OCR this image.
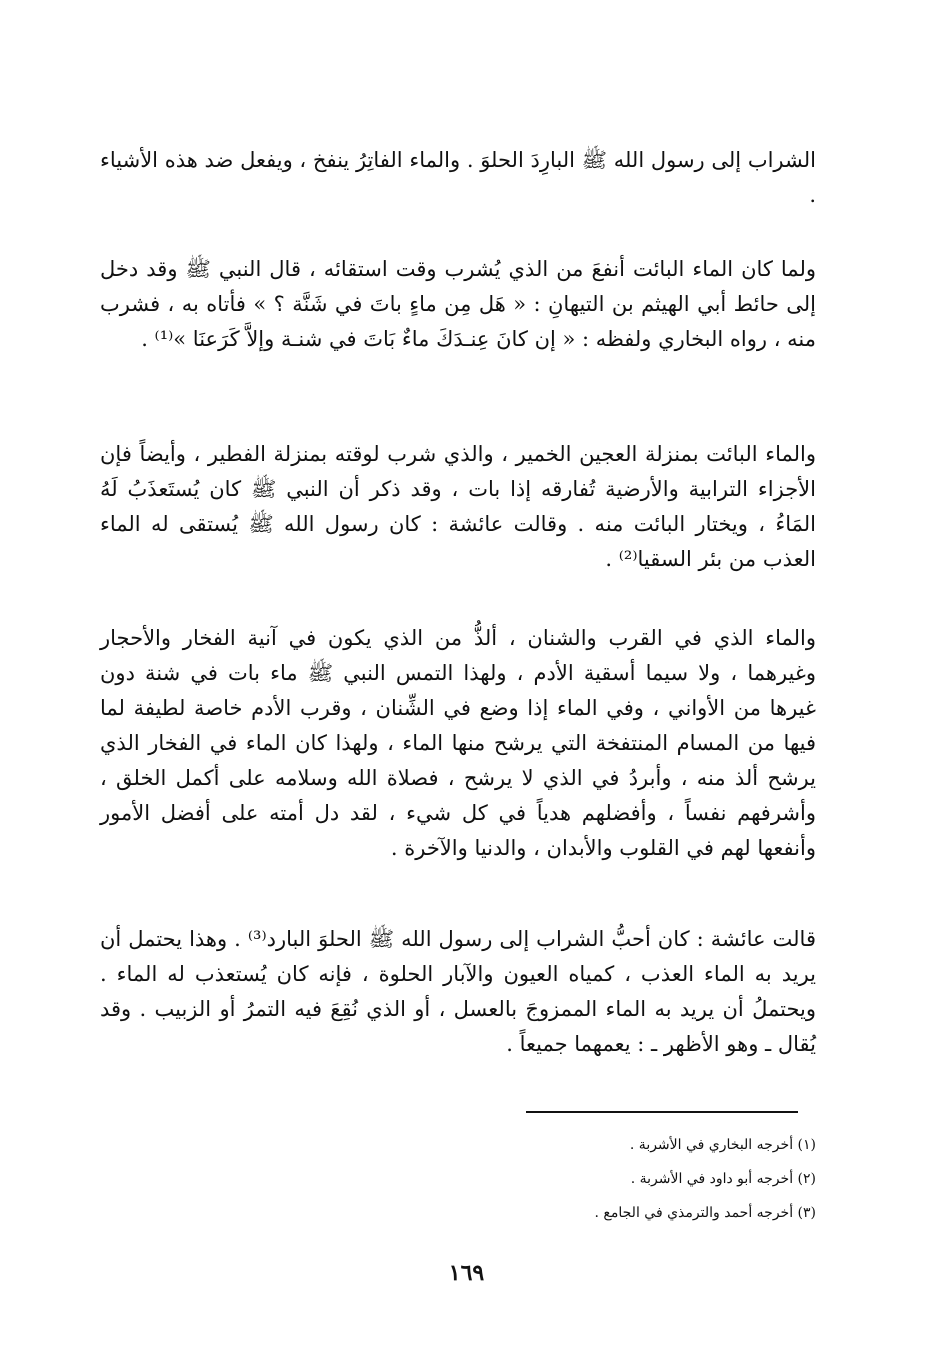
الشراب إلى رسول الله ﷺ البارِدَ الحلوَ . والماء الفاتِرُ ينفخ ، ويفعل ضد هذه الأشياء .
ولما كان الماء البائت أنفعَ من الذي يُشرب وقت استقائه ، قال النبي ﷺ وقد دخل إلى حائط أبي الهيثم بن التيهانِ : « هَل مِن ماءٍ باتَ في شَنَّة ؟ » فأتاه به ، فشرب منه ، رواه البخاري ولفظه : « إن كانَ عِنـدَكَ ماءٌ بَاتَ في شنـة وإلاَّ كَرَعنَا »⁽¹⁾ .
والماء البائت بمنزلة العجين الخمير ، والذي شرب لوقته بمنزلة الفطير ، وأيضاً فإن الأجزاء الترابية والأرضية تُفارقه إذا بات ، وقد ذكر أن النبي ﷺ كان يُستَعذَبُ لَهُ المَاءُ ، ويختار البائت منه . وقالت عائشة : كان رسول الله ﷺ يُستقى له الماء العذب من بئر السقيا⁽²⁾ .
والماء الذي في القرب والشنان ، ألذُّ من الذي يكون في آنية الفخار والأحجار وغيرهما ، ولا سيما أسقية الأدم ، ولهذا التمس النبي ﷺ ماء بات في شنة دون غيرها من الأواني ، وفي الماء إذا وضع في الشِّنان ، وقرب الأدم خاصة لطيفة لما فيها من المسام المنتفخة التي يرشح منها الماء ، ولهذا كان الماء في الفخار الذي يرشح ألذ منه ، وأبردُ في الذي لا يرشح ، فصلاة الله وسلامه على أكمل الخلق ، وأشرفهم نفساً ، وأفضلهم هدياً في كل شيء ، لقد دل أمته على أفضل الأمور وأنفعها لهم في القلوب والأبدان ، والدنيا والآخرة .
قالت عائشة : كان أحبُّ الشراب إلى رسول الله ﷺ الحلوَ البارد⁽³⁾ . وهذا يحتمل أن يريد به الماء العذب ، كمياه العيون والآبار الحلوة ، فإنه كان يُستعذب له الماء . ويحتملُ أن يريد به الماء الممزوجَ بالعسل ، أو الذي نُقِعَ فيه التمرُ أو الزبيب . وقد يُقال ـ وهو الأظهر ـ : يعمهما جميعاً .
(١) أخرجه البخاري في الأشربة .
(٢) أخرجه أبو داود في الأشربة .
(٣) أخرجه أحمد والترمذي في الجامع .
١٦٩
